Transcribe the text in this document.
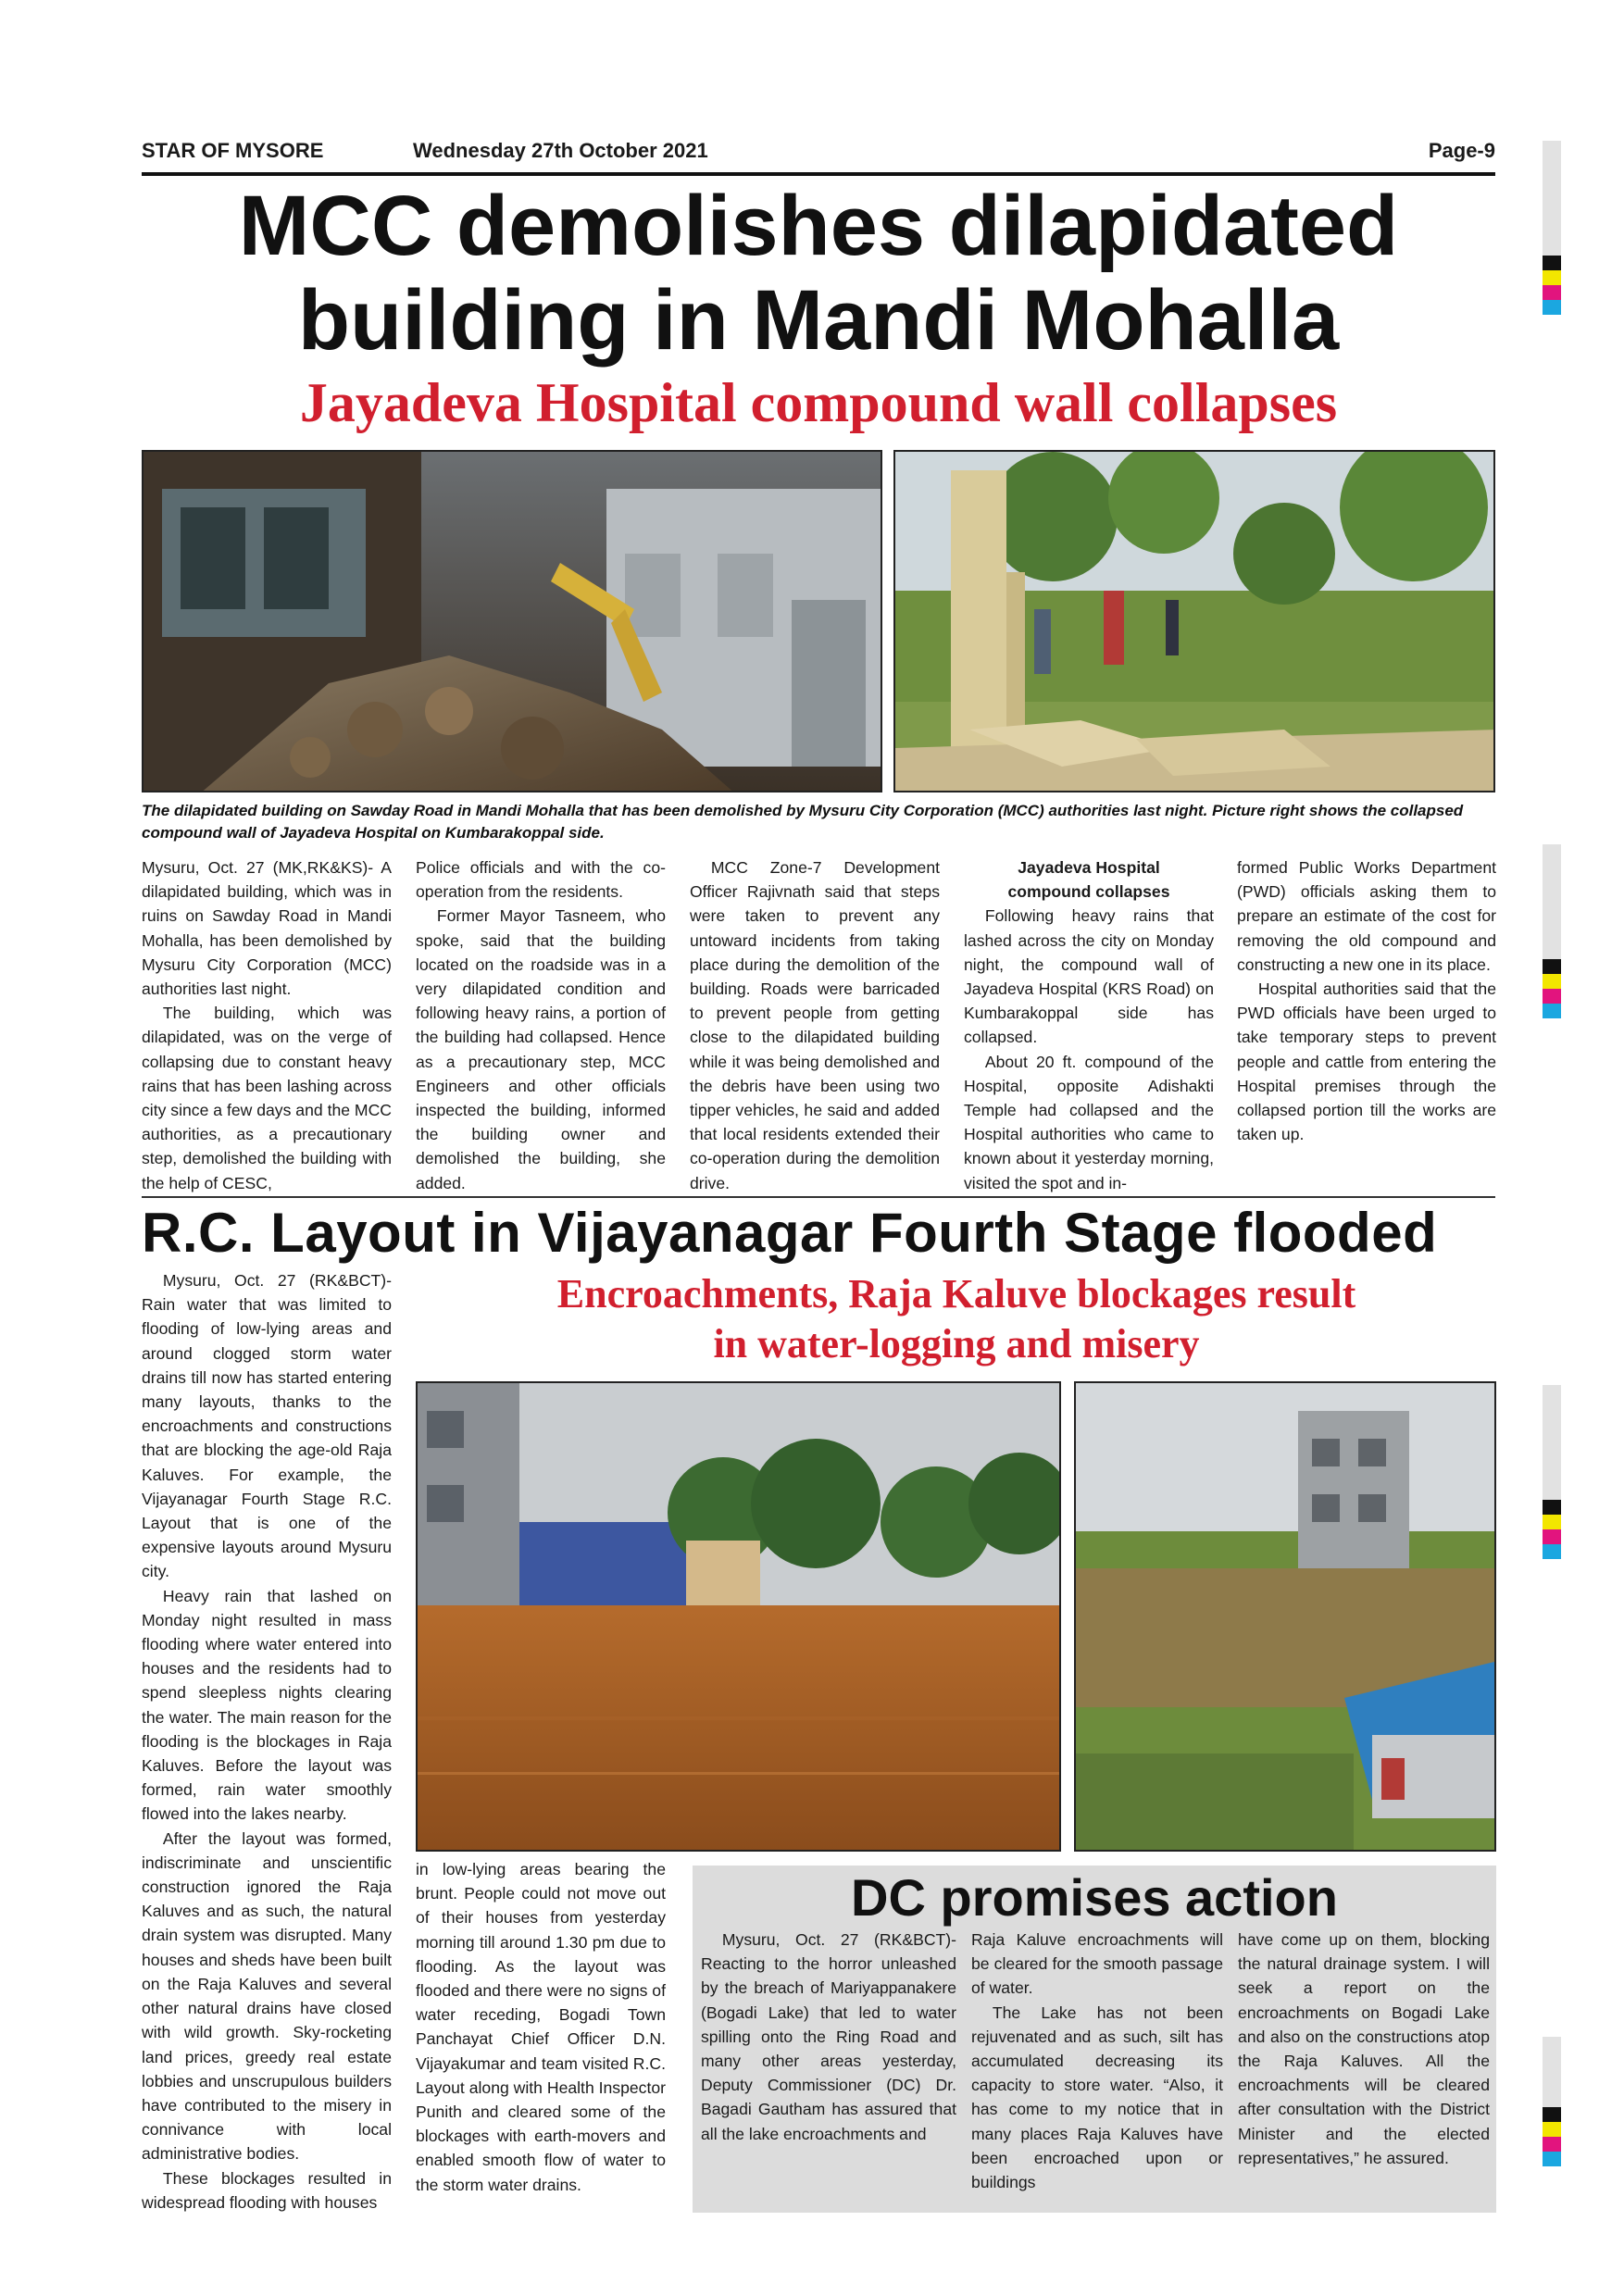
STAR OF MYSORE	Wednesday 27th October 2021	Page-9
MCC demolishes dilapidated
building in Mandi Mohalla
Jayadeva Hospital compound wall collapses
The dilapidated building on Sawday Road in Mandi Mohalla that has been demolished by Mysuru City Corporation (MCC) authorities last night. Picture right shows the collapsed compound wall of Jayadeva Hospital on Kumbarakoppal side.

Mysuru, Oct. 27 (MK,RK&KS)- A dilapidated building, which was in ruins on Sawday Road in Mandi Mohalla, has been demolished by Mysuru City Corporation (MCC) authorities last night.

The building, which was dilapidated, was on the verge of collapsing due to constant heavy rains that has been lashing across city since a few days and the MCC authorities, as a precautionary step, demolished the building with the help of CESC,

Police officials and with the co-operation from the residents.

Former Mayor Tasneem, who spoke, said that the building located on the roadside was in a very dilapidated condition and following heavy rains, a portion of the building had collapsed. Hence as a precautionary step, MCC Engineers and other officials inspected the building, informed the building owner and demolished the building, she added.

MCC Zone-7 Development Officer Rajivnath said that steps were taken to prevent any untoward incidents from taking place during the demolition of the building. Roads were barricaded to prevent people from getting close to the dilapidated building while it was being demolished and the debris have been using two tipper vehicles, he said and added that local residents extended their co-operation during the demolition drive.

Jayadeva Hospital
compound collapses

Following heavy rains that lashed across the city on Monday night, the compound wall of Jayadeva Hospital (KRS Road) on Kumbarakoppal side has collapsed.

About 20 ft. compound of the Hospital, opposite Adishakti Temple had collapsed and the Hospital authorities who came to known about it yesterday morning, visited the spot and in-

formed Public Works Department (PWD) officials asking them to prepare an estimate of the cost for removing the old compound and constructing a new one in its place.

Hospital authorities said that the PWD officials have been urged to take temporary steps to prevent people and cattle from entering the Hospital premises through the collapsed portion till the works are taken up.

R.C. Layout in Vijayanagar Fourth Stage flooded
Encroachments, Raja Kaluve blockages result
in water-logging and misery

Mysuru, Oct. 27 (RK&BCT)- Rain water that was limited to flooding of low-lying areas and around clogged storm water drains till now has started entering many layouts, thanks to the encroachments and constructions that are blocking the age-old Raja Kaluves. For example, the Vijayanagar Fourth Stage R.C. Layout that is one of the expensive layouts around Mysuru city.

Heavy rain that lashed on Monday night resulted in mass flooding where water entered into houses and the residents had to spend sleepless nights clearing the water. The main reason for the flooding is the blockages in Raja Kaluves. Before the layout was formed, rain water smoothly flowed into the lakes nearby.

After the layout was formed, indiscriminate and unscientific construction ignored the Raja Kaluves and as such, the natural drain system was disrupted. Many houses and sheds have been built on the Raja Kaluves and several other natural drains have closed with wild growth. Sky-rocketing land prices, greedy real estate lobbies and unscrupulous builders have contributed to the misery in connivance with local administrative bodies.

These blockages resulted in widespread flooding with houses

in low-lying areas bearing the brunt. People could not move out of their houses from yesterday morning till around 1.30 pm due to flooding. As the layout was flooded and there were no signs of water receding, Bogadi Town Panchayat Chief Officer D.N. Vijayakumar and team visited R.C. Layout along with Health Inspector Punith and cleared some of the blockages with earth-movers and enabled smooth flow of water to the storm water drains.

DC promises action

Mysuru, Oct. 27 (RK&BCT)- Reacting to the horror unleashed by the breach of Mariyappanakere (Bogadi Lake) that led to water spilling onto the Ring Road and many other areas yesterday, Deputy Commissioner (DC) Dr. Bagadi Gautham has assured that all the lake encroachments and

Raja Kaluve encroachments will be cleared for the smooth passage of water.

The Lake has not been rejuvenated and as such, silt has accumulated decreasing its capacity to store water. “Also, it has come to my notice that in many places Raja Kaluves have been encroached upon or buildings

have come up on them, blocking the natural drainage system. I will seek a report on the encroachments on Bogadi Lake and also on the constructions atop the Raja Kaluves. All the encroachments will be cleared after consultation with the District Minister and the elected representatives,” he assured.
